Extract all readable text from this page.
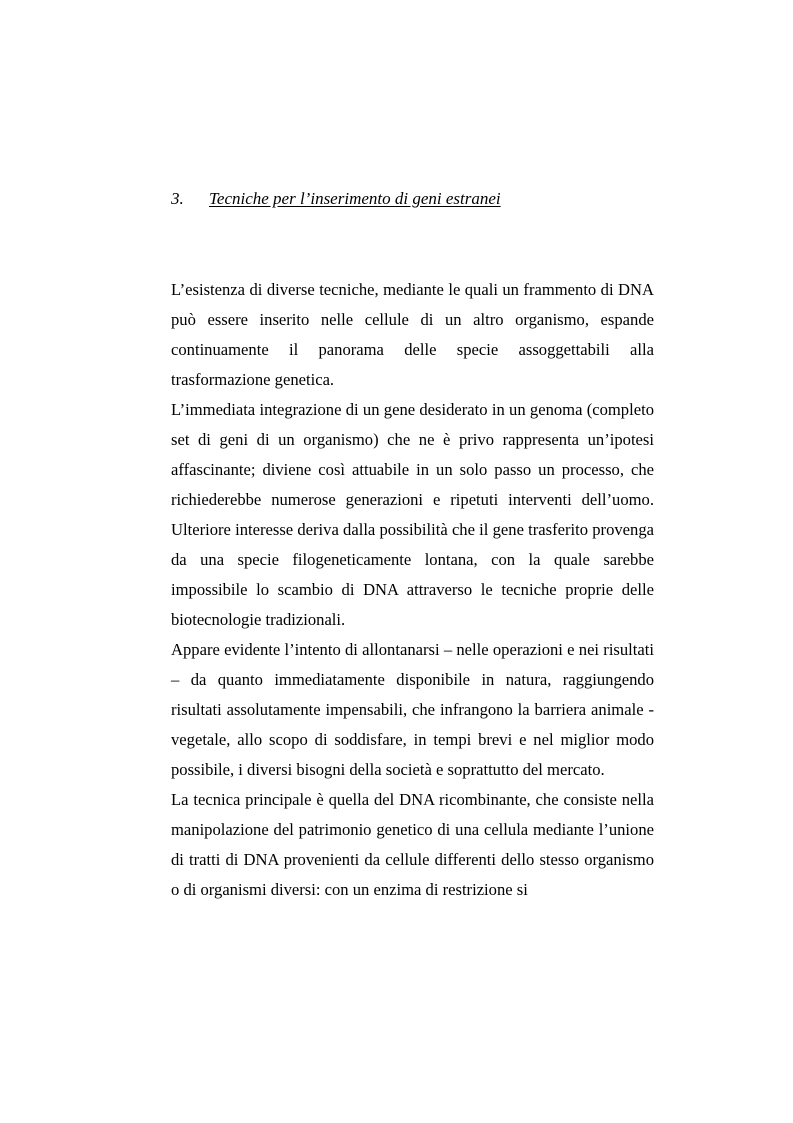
3. Tecniche per l’inserimento di geni estranei

L’esistenza di diverse tecniche, mediante le quali un frammento di DNA può essere inserito nelle cellule di un altro organismo, espande continuamente il panorama delle specie assoggettabili alla trasformazione genetica.

L’immediata integrazione di un gene desiderato in un genoma (completo set di geni di un organismo) che ne è privo rappresenta un’ipotesi affascinante; diviene così attuabile in un solo passo un processo, che richiederebbe numerose generazioni e ripetuti interventi dell’uomo. Ulteriore interesse deriva dalla possibilità che il gene trasferito provenga da una specie filogeneticamente lontana, con la quale sarebbe impossibile lo scambio di DNA attraverso le tecniche proprie delle biotecnologie tradizionali.

Appare evidente l’intento di allontanarsi – nelle operazioni e nei risultati – da quanto immediatamente disponibile in natura, raggiungendo risultati assolutamente impensabili, che infrangono la barriera animale - vegetale, allo scopo di soddisfare, in tempi brevi e nel miglior modo possibile, i diversi bisogni della società e soprattutto del mercato.

La tecnica principale è quella del DNA ricombinante, che consiste nella manipolazione del patrimonio genetico di una cellula mediante l’unione di tratti di DNA provenienti da cellule differenti dello stesso organismo o di organismi diversi: con un enzima di restrizione si
